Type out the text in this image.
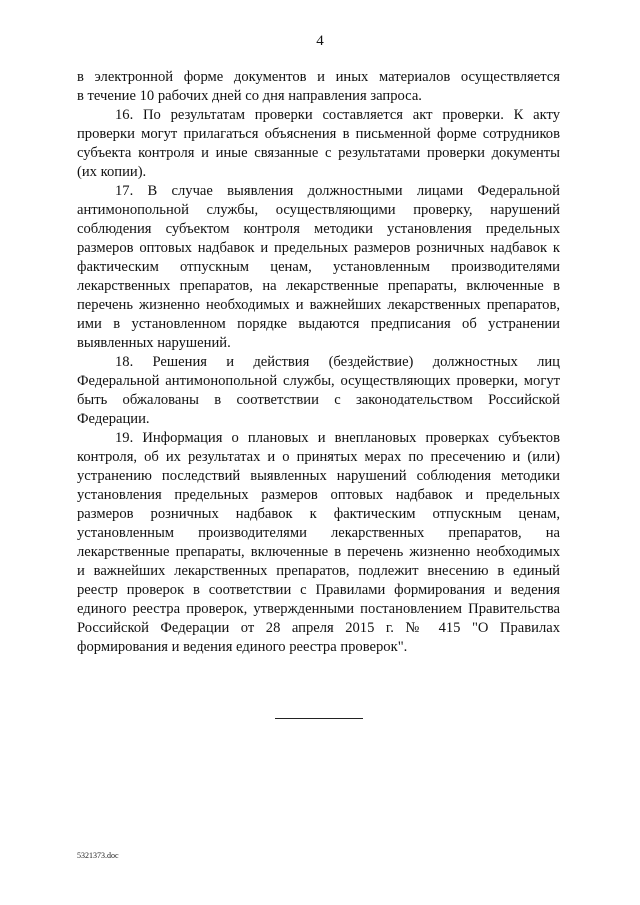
4

в электронной форме документов и иных материалов осуществляется
в течение 10 рабочих дней со дня направления запроса.

16. По результатам проверки составляется акт проверки. К акту
проверки могут прилагаться объяснения в письменной форме сотрудников
субъекта контроля и иные связанные с результатами проверки документы
(их копии).

17. В случае выявления должностными лицами Федеральной
антимонопольной службы, осуществляющими проверку, нарушений
соблюдения субъектом контроля методики установления предельных
размеров оптовых надбавок и предельных размеров розничных надбавок к
фактическим отпускным ценам, установленным производителями
лекарственных препаратов, на лекарственные препараты, включенные в
перечень жизненно необходимых и важнейших лекарственных препаратов,
ими в установленном порядке выдаются предписания об устранении
выявленных нарушений.

18. Решения и действия (бездействие) должностных лиц
Федеральной антимонопольной службы, осуществляющих проверки, могут
быть обжалованы в соответствии с законодательством Российской
Федерации.

19. Информация о плановых и внеплановых проверках субъектов
контроля, об их результатах и о принятых мерах по пресечению и (или)
устранению последствий выявленных нарушений соблюдения методики
установления предельных размеров оптовых надбавок и предельных
размеров розничных надбавок к фактическим отпускным ценам,
установленным производителями лекарственных препаратов, на
лекарственные препараты, включенные в перечень жизненно необходимых
и важнейших лекарственных препаратов, подлежит внесению в единый
реестр проверок в соответствии с Правилами формирования и ведения
единого реестра проверок, утвержденными постановлением Правительства
Российской Федерации от 28 апреля 2015 г. № 415 "О Правилах
формирования и ведения единого реестра проверок".

5321373.doc
